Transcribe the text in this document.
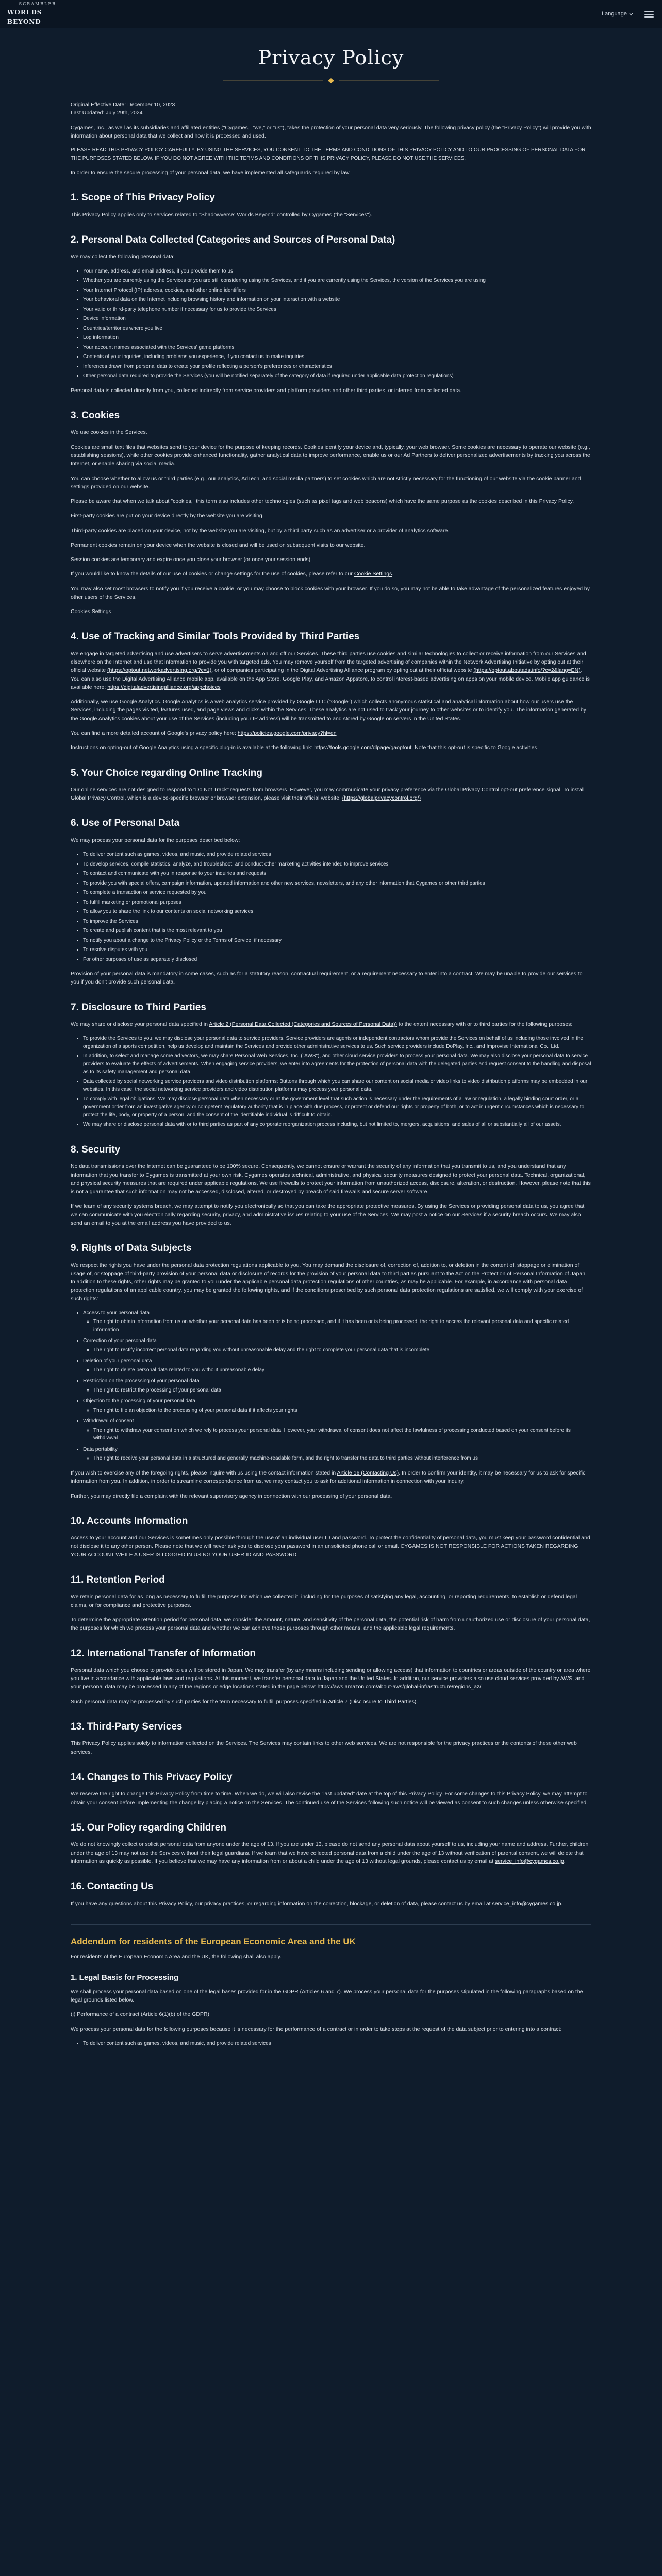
SCRAMBLER
WORLDS BEYOND
Language
Privacy Policy

Original Effective Date: December 10, 2023

Last Updated: July 29th, 2024

Cygames, Inc., as well as its subsidiaries and affiliated entities ("Cygames," "we," or "us"), takes the protection of your personal data very seriously. The following privacy policy (the "Privacy Policy") will provide you with information about personal data that we collect and how it is processed and used.

PLEASE READ THIS PRIVACY POLICY CAREFULLY. BY USING THE SERVICES, YOU CONSENT TO THE TERMS AND CONDITIONS OF THIS PRIVACY POLICY AND TO OUR PROCESSING OF PERSONAL DATA FOR THE PURPOSES STATED BELOW. IF YOU DO NOT AGREE WITH THE TERMS AND CONDITIONS OF THIS PRIVACY POLICY, PLEASE DO NOT USE THE SERVICES.

In order to ensure the secure processing of your personal data, we have implemented all safeguards required by law.

1. Scope of This Privacy Policy

This Privacy Policy applies only to services related to "Shadowverse: Worlds Beyond" controlled by Cygames (the "Services").

2. Personal Data Collected (Categories and Sources of Personal Data)

We may collect the following personal data:

• Your name, address, and email address, if you provide them to us
• Whether you are currently using the Services or you are still considering using the Services, and if you are currently using the Services, the version of the Services you are using
• Your Internet Protocol (IP) address, cookies, and other online identifiers
• Your behavioral data on the Internet including browsing history and information on your interaction with a website
• Your valid or third-party telephone number if necessary for us to provide the Services
• Device information
• Countries/territories where you live
• Log information
• Your account names associated with the Services' game platforms
• Contents of your inquiries, including problems you experience, if you contact us to make inquiries
• Inferences drawn from personal data to create your profile reflecting a person's preferences or characteristics
• Other personal data required to provide the Services (you will be notified separately of the category of data if required under applicable data protection regulations)

Personal data is collected directly from you, collected indirectly from service providers and platform providers and other third parties, or inferred from collected data.

3. Cookies

We use cookies in the Services.

Cookies are small text files that websites send to your device for the purpose of keeping records. Cookies identify your device and, typically, your web browser. Some cookies are necessary to operate our website (e.g., establishing sessions), while other cookies provide enhanced functionality, gather analytical data to improve performance, enable us or our Ad Partners to deliver personalized advertisements by tracking you across the Internet, or enable sharing via social media.

You can choose whether to allow us or third parties (e.g., our analytics, AdTech, and social media partners) to set cookies which are not strictly necessary for the functioning of our website via the cookie banner and settings provided on our website.

Please be aware that when we talk about "cookies," this term also includes other technologies (such as pixel tags and web beacons) which have the same purpose as the cookies described in this Privacy Policy.

First-party cookies are put on your device directly by the website you are visiting.

Third-party cookies are placed on your device, not by the website you are visiting, but by a third party such as an advertiser or a provider of analytics software.

Permanent cookies remain on your device when the website is closed and will be used on subsequent visits to our website.

Session cookies are temporary and expire once you close your browser (or once your session ends).

If you would like to know the details of our use of cookies or change settings for the use of cookies, please refer to our Cookie Settings.

You may also set most browsers to notify you if you receive a cookie, or you may choose to block cookies with your browser. If you do so, you may not be able to take advantage of the personalized features enjoyed by other users of the Services.

Cookies Settings

4. Use of Tracking and Similar Tools Provided by Third Parties

We engage in targeted advertising and use advertisers to serve advertisements on and off our Services. These third parties use cookies and similar technologies to collect or receive information from our Services and elsewhere on the Internet and use that information to provide you with targeted ads. You may remove yourself from the targeted advertising of companies within the Network Advertising Initiative by opting out at their official website (https://optout.networkadvertising.org/?c=1), or of companies participating in the Digital Advertising Alliance program by opting out at their official website (https://optout.aboutads.info/?c=2&lang=EN). You can also use the Digital Advertising Alliance mobile app, available on the App Store, Google Play, and Amazon Appstore, to control interest-based advertising on apps on your mobile device. Mobile app guidance is available here: https://digitaladvertisingalliance.org/appchoices

Additionally, we use Google Analytics. Google Analytics is a web analytics service provided by Google LLC ("Google") which collects anonymous statistical and analytical information about how our users use the Services, including the pages visited, features used, and page views and clicks within the Services. These analytics are not used to track your journey to other websites or to identify you. The information generated by the Google Analytics cookies about your use of the Services (including your IP address) will be transmitted to and stored by Google on servers in the United States.

You can find a more detailed account of Google's privacy policy here: https://policies.google.com/privacy?hl=en

Instructions on opting-out of Google Analytics using a specific plug-in is available at the following link: https://tools.google.com/dlpage/gaoptout. Note that this opt-out is specific to Google activities.

5. Your Choice regarding Online Tracking

Our online services are not designed to respond to "Do Not Track" requests from browsers. However, you may communicate your privacy preference via the Global Privacy Control opt-out preference signal. To install Global Privacy Control, which is a device-specific browser or browser extension, please visit their official website: (https://globalprivacycontrol.org/)

6. Use of Personal Data

We may process your personal data for the purposes described below:

• To deliver content such as games, videos, and music, and provide related services
• To develop services, compile statistics, analyze, and troubleshoot, and conduct other marketing activities intended to improve services
• To contact and communicate with you in response to your inquiries and requests
• To provide you with special offers, campaign information, updated information and other new services, newsletters, and any other information that Cygames or other third parties
• To complete a transaction or service requested by you
• To fulfill marketing or promotional purposes
• To allow you to share the link to our contents on social networking services
• To improve the Services
• To create and publish content that is the most relevant to you
• To notify you about a change to the Privacy Policy or the Terms of Service, if necessary
• To resolve disputes with you
• For other purposes of use as separately disclosed

Provision of your personal data is mandatory in some cases, such as for a statutory reason, contractual requirement, or a requirement necessary to enter into a contract. We may be unable to provide our services to you if you don't provide such personal data.

7. Disclosure to Third Parties

We may share or disclose your personal data specified in Article 2 (Personal Data Collected (Categories and Sources of Personal Data)) to the extent necessary with or to third parties for the following purposes:

• To provide the Services to you: we may disclose your personal data to service providers. Service providers are agents or independent contractors whom provide the Services on behalf of us including those involved in the organization of a sports competition, help us develop and maintain the Services and provide other administrative services to us. Such service providers include DoPlay, Inc., and Improvise International Co., Ltd.
• In addition, to select and manage some ad vectors, we may share Personal Web Services, Inc. ("AWS"), and other cloud service providers to process your personal data. We may also disclose your personal data to service providers to evaluate the effects of advertisements. When engaging service providers, we enter into agreements for the protection of personal data with the delegated parties and request consent to the handling and disposal as to its safety management and personal data.
• Data collected by social networking service providers and video distribution platforms: Buttons through which you can share our content on social media or video links to video distribution platforms may be embedded in our websites. In this case, the social networking service providers and video distribution platforms may process your personal data.
• To comply with legal obligations: We may disclose personal data when necessary or at the government level that such action is necessary under the requirements of a law or regulation, a legally binding court order, or a government order from an investigative agency or competent regulatory authority that is in place with due process, or protect or defend our rights or property of both, or to act in urgent circumstances which is necessary to protect the life, body, or property of a person, and the consent of the identifiable individual is difficult to obtain.
• We may share or disclose personal data with or to third parties as part of any corporate reorganization process including, but not limited to, mergers, acquisitions, and sales of all or substantially all of our assets.
8. Security

No data transmissions over the Internet can be guaranteed to be 100% secure. Consequently, we cannot ensure or warrant the security of any information that you transmit to us, and you understand that any information that you transfer to Cygames is transmitted at your own risk. Cygames operates technical, administrative, and physical security measures designed to protect your personal data. Technical, organizational, and physical security measures that are required under applicable regulations. We use firewalls to protect your information from unauthorized access, disclosure, alteration, or destruction. However, please note that this is not a guarantee that such information may not be accessed, disclosed, altered, or destroyed by breach of said firewalls and secure server software.

If we learn of any security systems breach, we may attempt to notify you electronically so that you can take the appropriate protective measures. By using the Services or providing personal data to us, you agree that we can communicate with you electronically regarding security, privacy, and administrative issues relating to your use of the Services. We may post a notice on our Services if a security breach occurs. We may also send an email to you at the email address you have provided to us.

9. Rights of Data Subjects

We respect the rights you have under the personal data protection regulations applicable to you. You may demand the disclosure of, correction of, addition to, or deletion in the content of, stoppage or elimination of usage of, or stoppage of third-party provision of your personal data or disclosure of records for the provision of your personal data to third parties pursuant to the Act on the Protection of Personal Information of Japan. In addition to these rights, other rights may be granted to you under the applicable personal data protection regulations of other countries, as may be applicable. For example, in accordance with personal data protection regulations of an applicable country, you may be granted the following rights, and if the conditions prescribed by such personal data protection regulations are satisfied, we will comply with your exercise of such rights:

• Access to your personal data
◦ The right to obtain information from us on whether your personal data has been or is being processed, and if it has been or is being processed, the right to access the relevant personal data and specific related information
• Correction of your personal data
◦ The right to rectify incorrect personal data regarding you without unreasonable delay and the right to complete your personal data that is incomplete
• Deletion of your personal data
◦ The right to delete personal data related to you without unreasonable delay
• Restriction on the processing of your personal data
◦ The right to restrict the processing of your personal data
• Objection to the processing of your personal data
◦ The right to file an objection to the processing of your personal data if it affects your rights
• Withdrawal of consent
◦ The right to withdraw your consent on which we rely to process your personal data. However, your withdrawal of consent does not affect the lawfulness of processing conducted based on your consent before its withdrawal
• Data portability
◦ The right to receive your personal data in a structured and generally machine-readable form, and the right to transfer the data to third parties without interference from us

If you wish to exercise any of the foregoing rights, please inquire with us using the contact information stated in Article 16 (Contacting Us). In order to confirm your identity, it may be necessary for us to ask for specific information from you. In addition, in order to streamline correspondence from us, we may contact you to ask for additional information in connection with your inquiry.

Further, you may directly file a complaint with the relevant supervisory agency in connection with our processing of your personal data.

10. Accounts Information

Access to your account and our Services is sometimes only possible through the use of an individual user ID and password. To protect the confidentiality of personal data, you must keep your password confidential and not disclose it to any other person. Please note that we will never ask you to disclose your password in an unsolicited phone call or email. CYGAMES IS NOT RESPONSIBLE FOR ACTIONS TAKEN REGARDING YOUR ACCOUNT WHILE A USER IS LOGGED IN USING YOUR USER ID AND PASSWORD.

11. Retention Period

We retain personal data for as long as necessary to fulfill the purposes for which we collected it, including for the purposes of satisfying any legal, accounting, or reporting requirements, to establish or defend legal claims, or for compliance and protective purposes.

To determine the appropriate retention period for personal data, we consider the amount, nature, and sensitivity of the personal data, the potential risk of harm from unauthorized use or disclosure of your personal data, the purposes for which we process your personal data and whether we can achieve those purposes through other means, and the applicable legal requirements.

12. International Transfer of Information

Personal data which you choose to provide to us will be stored in Japan. We may transfer (by any means including sending or allowing access) that information to countries or areas outside of the country or area where you live in accordance with applicable laws and regulations. At this moment, we transfer personal data to Japan and the United States. In addition, our service providers also use cloud services provided by AWS, and your personal data may be processed in any of the regions or edge locations stated in the page below: https://aws.amazon.com/about-aws/global-infrastructure/regions_az/

Such personal data may be processed by such parties for the term necessary to fulfill purposes specified in Article 7 (Disclosure to Third Parties).

13. Third-Party Services

This Privacy Policy applies solely to information collected on the Services. The Services may contain links to other web services. We are not responsible for the privacy practices or the contents of these other web services.

14. Changes to This Privacy Policy

We reserve the right to change this Privacy Policy from time to time. When we do, we will also revise the "last updated" date at the top of this Privacy Policy. For some changes to this Privacy Policy, we may attempt to obtain your consent before implementing the change by placing a notice on the Services. The continued use of the Services following such notice will be viewed as consent to such changes unless otherwise specified.

15. Our Policy regarding Children

We do not knowingly collect or solicit personal data from anyone under the age of 13. If you are under 13, please do not send any personal data about yourself to us, including your name and address. Further, children under the age of 13 may not use the Services without their legal guardians. If we learn that we have collected personal data from a child under the age of 13 without verification of parental consent, we will delete that information as quickly as possible. If you believe that we may have any information from or about a child under the age of 13 without legal grounds, please contact us by email at service_info@cygames.co.jp.

16. Contacting Us

If you have any questions about this Privacy Policy, our privacy practices, or regarding information on the correction, blockage, or deletion of data, please contact us by email at service_info@cygames.co.jp.

Addendum for residents of the European Economic Area and the UK

For residents of the European Economic Area and the UK, the following shall also apply.

1. Legal Basis for Processing

We shall process your personal data based on one of the legal bases provided for in the GDPR (Articles 6 and 7). We process your personal data for the purposes stipulated in the following paragraphs based on the legal grounds listed below.

(i) Performance of a contract (Article 6(1)(b) of the GDPR)

We process your personal data for the following purposes because it is necessary for the performance of a contract or in order to take steps at the request of the data subject prior to entering into a contract:

• To deliver content such as games, videos, and music, and provide related services
